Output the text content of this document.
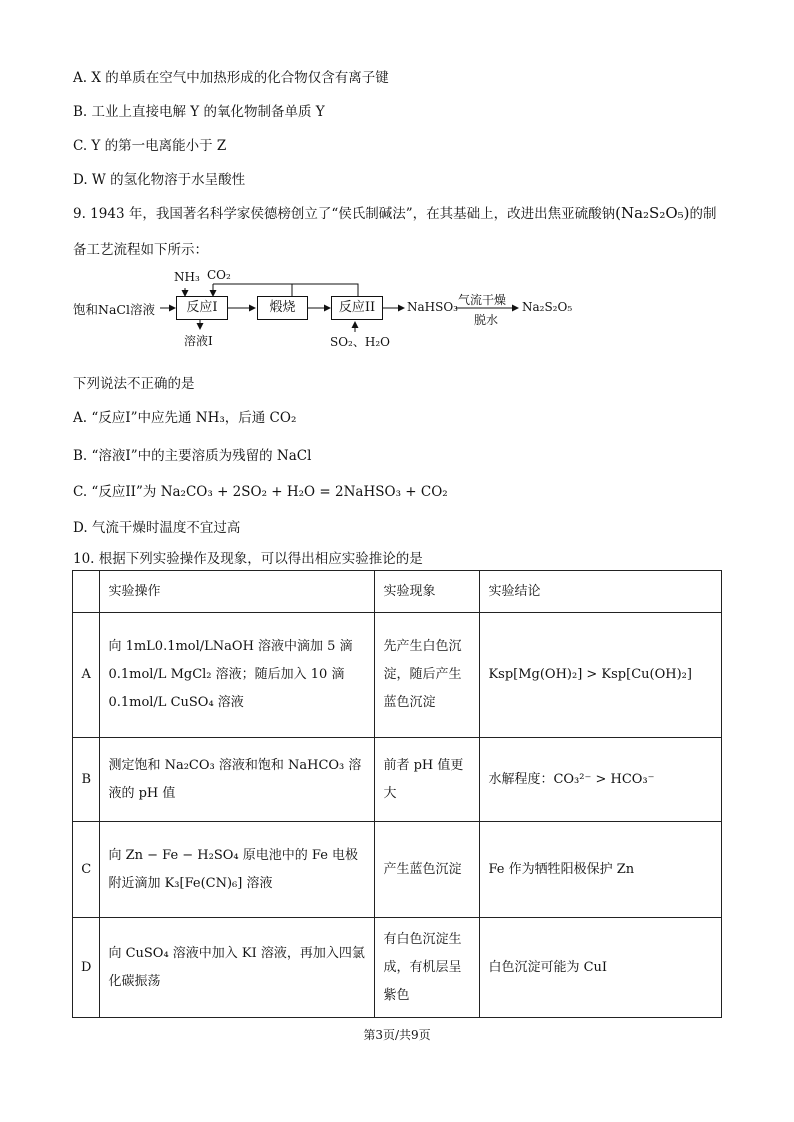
A. X 的单质在空气中加热形成的化合物仅含有离子键
B. 工业上直接电解 Y 的氧化物制备单质 Y
C. Y 的第一电离能小于 Z
D. W 的氢化物溶于水呈酸性
9. 1943 年，我国著名科学家侯德榜创立了“侯氏制碱法”，在其基础上，改进出焦亚硫酸钠(Na₂S₂O₅)的制
备工艺流程如下所示：
饱和NaCl溶液
NH₃ CO₂
反应I	煅烧	反应II
溶液I	SO₂、H₂O
NaHSO₃ 气流干燥
脱水
Na₂S₂O₅
下列说法不正确的是
A. “反应I”中应先通 NH₃，后通 CO₂
B. “溶液I”中的主要溶质为残留的 NaCl
C. “反应II”为 Na₂CO₃ + 2SO₂ + H₂O = 2NaHSO₃ + CO₂
D. 气流干燥时温度不宜过高
10. 根据下列实验操作及现象，可以得出相应实验推论的是
	实验操作	实验现象	实验结论
A	向 1mL0.1mol/LNaOH 溶液中滴加 5 滴 0.1mol/L MgCl₂ 溶液；随后加入 10 滴 0.1mol/L CuSO₄ 溶液	先产生白色沉淀，随后产生蓝色沉淀	Ksp[Mg(OH)₂] > Ksp[Cu(OH)₂]
B	测定饱和 Na₂CO₃ 溶液和饱和 NaHCO₃ 溶液的 pH 值	前者 pH 值更大	水解程度：CO₃²⁻ > HCO₃⁻
C	向 Zn − Fe − H₂SO₄ 原电池中的 Fe 电极附近滴加 K₃[Fe(CN)₆] 溶液	产生蓝色沉淀	Fe 作为牺牲阳极保护 Zn
D	向 CuSO₄ 溶液中加入 KI 溶液，再加入四氯化碳振荡	有白色沉淀生成，有机层呈紫色	白色沉淀可能为 CuI
第3页/共9页
